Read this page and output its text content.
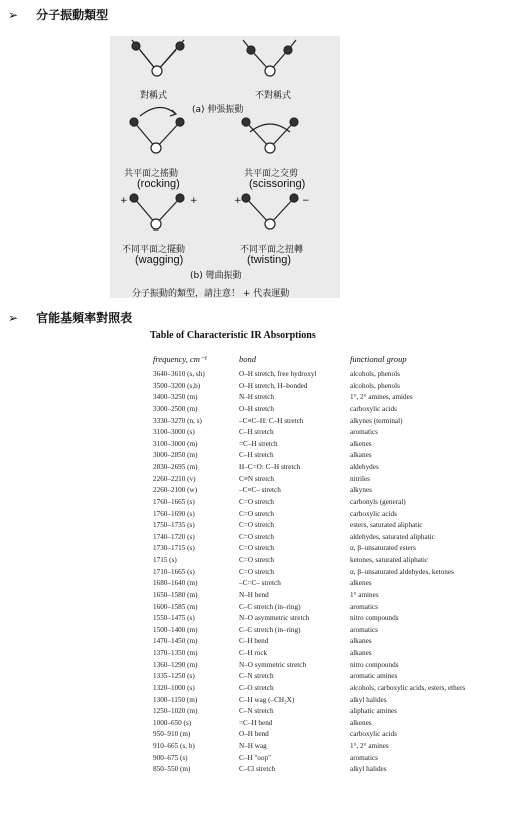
➢ 分子振動類型
對稱式	不對稱式
(a) 伸張振動
共平面之搖動
(rocking)
共平面之交剪
(scissoring)
+	+
−
+	−
不同平面之擺動
(wagging)
不同平面之扭轉
(twisting)
(b) 彎曲振動
分子振動的類型，請注意！ + 代表運動
➢ 官能基頻率對照表
Table of Characteristic IR Absorptions
frequency, cm⁻¹	bond	functional group
3640–3610 (s, sh)	O–H stretch, free hydroxyl	alcohols, phenols
3500–3200 (s,b)	O–H stretch, H–bonded	alcohols, phenols
3400–3250 (m)	N–H stretch	1°, 2° amines, amides
3300–2500 (m)	O–H stretch	carboxylic acids
3330–3270 (n, s)	–C≡C–H: C–H stretch	alkynes (terminal)
3100–3000 (s)	C–H stretch	aromatics
3100–3000 (m)	=C–H stretch	alkenes
3000–2850 (m)	C–H stretch	alkanes
2830–2695 (m)	H–C=O: C–H stretch	aldehydes
2260–2210 (v)	C≡N stretch	nitriles
2260–2100 (w)	–C≡C– stretch	alkynes
1760–1665 (s)	C=O stretch	carbonyls (general)
1760–1690 (s)	C=O stretch	carboxylic acids
1750–1735 (s)	C=O stretch	esters, saturated aliphatic
1740–1720 (s)	C=O stretch	aldehydes, saturated aliphatic
1730–1715 (s)	C=O stretch	α, β–unsaturated esters
1715 (s)	C=O stretch	ketones, saturated aliphatic
1710–1665 (s)	C=O stretch	α, β–unsaturated aldehydes, ketones
1680–1640 (m)	–C=C– stretch	alkenes
1650–1580 (m)	N–H bend	1° amines
1600–1585 (m)	C–C stretch (in–ring)	aromatics
1550–1475 (s)	N–O asymmetric stretch	nitro compounds
1500–1400 (m)	C–C stretch (in–ring)	aromatics
1470–1450 (m)	C–H bend	alkanes
1370–1350 (m)	C–H rock	alkanes
1360–1290 (m)	N–O symmetric stretch	nitro compounds
1335–1250 (s)	C–N stretch	aromatic amines
1320–1000 (s)	C–O stretch	alcohols, carboxylic acids, esters, ethers
1300–1150 (m)	C–H wag (–CH₂X)	alkyl halides
1250–1020 (m)	C–N stretch	aliphatic amines
1000–650 (s)	=C–H bend	alkenes
950–910 (m)	O–H bend	carboxylic acids
910–665 (s, b)	N–H wag	1°, 2° amines
900–675 (s)	C–H "oop"	aromatics
850–550 (m)	C–Cl stretch	alkyl halides
